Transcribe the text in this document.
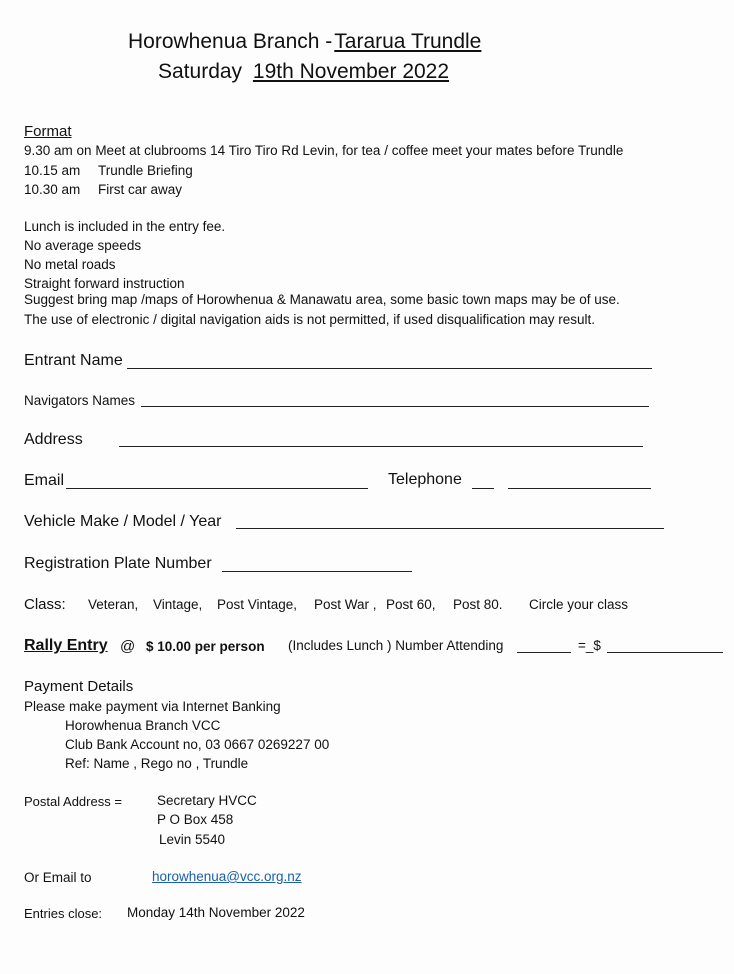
Horowhenua Branch -Tararua Trundle
Saturday 19th November 2022
Format
9.30 am on Meet at clubrooms 14 Tiro Tiro Rd Levin, for tea / coffee meet your mates before Trundle
10.15 am Trundle Briefing
10.30 am First car away
Lunch is included in the entry fee.
No average speeds
No metal roads
Straight forward instruction
Suggest bring map /maps of Horowhenua & Manawatu area, some basic town maps may be of use.
The use of electronic / digital navigation aids is not permitted, if used disqualification may result.
Entrant Name
Navigators Names
Address
Email	Telephone
Vehicle Make / Model / Year
Registration Plate Number
Class: Veteran, Vintage, Post Vintage, Post War , Post 60, Post 80. Circle your class
Rally Entry @ $ 10.00 per person (Includes Lunch ) Number Attending	=_$
Payment Details
Please make payment via Internet Banking
Horowhenua Branch VCC
Club Bank Account no, 03 0667 0269227 00
Ref: Name , Rego no , Trundle
Postal Address =	Secretary HVCC
P O Box 458
Levin 5540
Or Email to	horowhenua@vcc.org.nz
Entries close: Monday 14th November 2022
